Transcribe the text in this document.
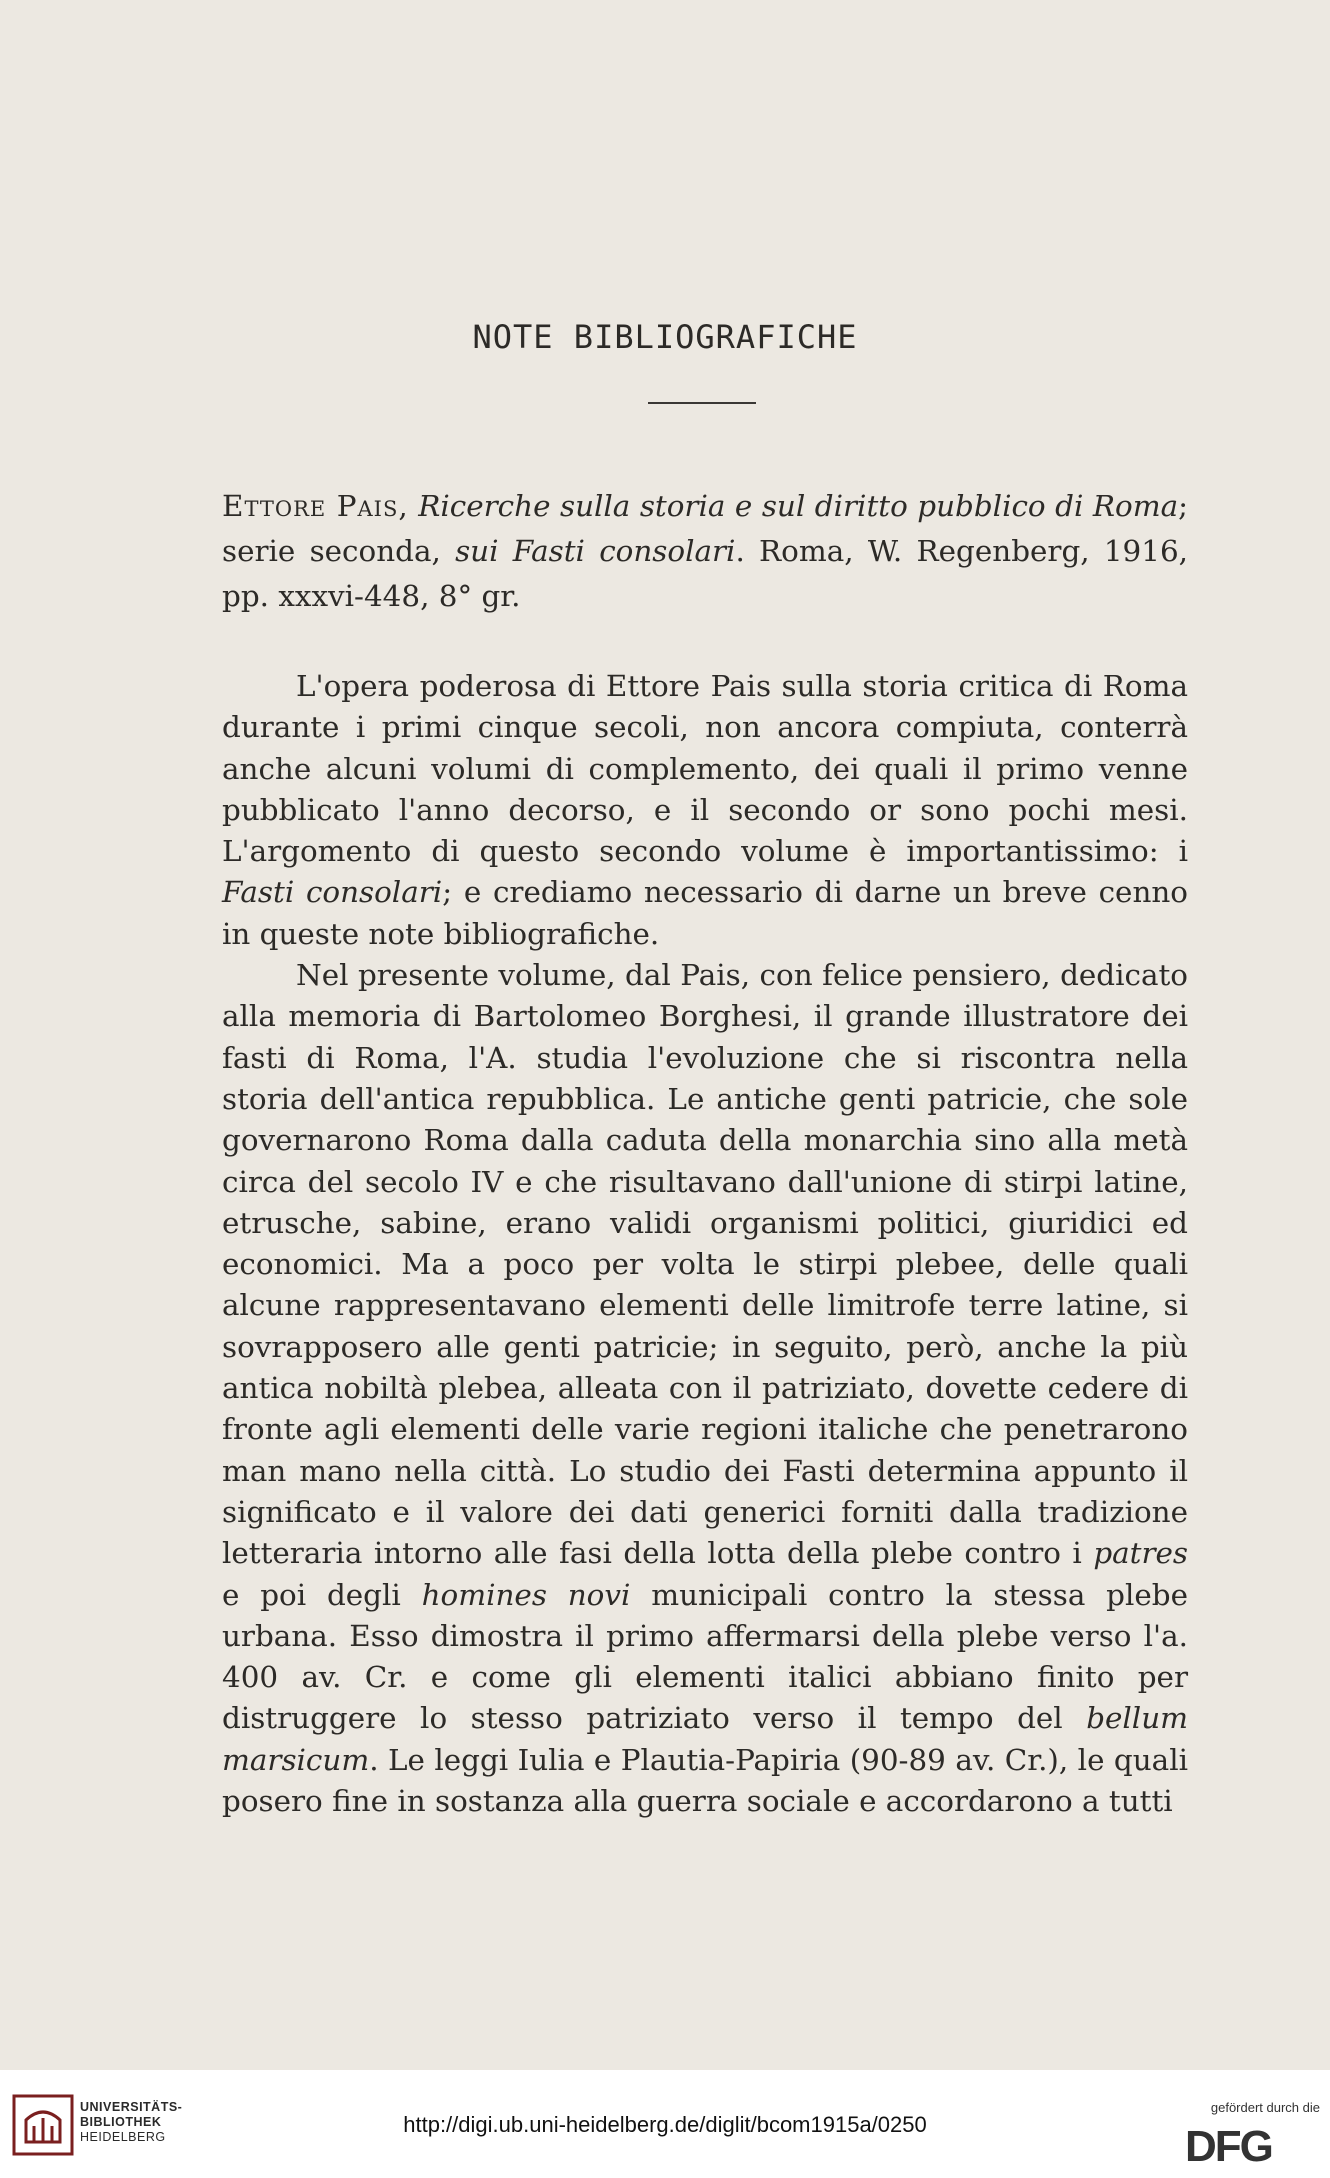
NOTE BIBLIOGRAFICHE
Ettore Pais, Ricerche sulla storia e sul diritto pubblico di Roma; serie seconda, sui Fasti consolari. Roma, W. Regenberg, 1916, pp. xxxvi-448, 8° gr.

L'opera poderosa di Ettore Pais sulla storia critica di Roma durante i primi cinque secoli, non ancora compiuta, conterrà anche alcuni volumi di complemento, dei quali il primo venne pubblicato l'anno decorso, e il secondo or sono pochi mesi. L'argomento di questo secondo volume è importantissimo: i Fasti consolari; e crediamo necessario di darne un breve cenno in queste note bibliografiche.

Nel presente volume, dal Pais, con felice pensiero, dedicato alla memoria di Bartolomeo Borghesi, il grande illustratore dei fasti di Roma, l'A. studia l'evoluzione che si riscontra nella storia dell'antica repubblica. Le antiche genti patricie, che sole governarono Roma dalla caduta della monarchia sino alla metà circa del secolo IV e che risultavano dall'unione di stirpi latine, etrusche, sabine, erano validi organismi politici, giuridici ed economici. Ma a poco per volta le stirpi plebee, delle quali alcune rappresentavano elementi delle limitrofe terre latine, si sovrapposero alle genti patricie; in seguito, però, anche la più antica nobiltà plebea, alleata con il patriziato, dovette cedere di fronte agli elementi delle varie regioni italiche che penetrarono man mano nella città. Lo studio dei Fasti determina appunto il significato e il valore dei dati generici forniti dalla tradizione letteraria intorno alle fasi della lotta della plebe contro i patres e poi degli homines novi municipali contro la stessa plebe urbana. Esso dimostra il primo affermarsi della plebe verso l'a. 400 av. Cr. e come gli elementi italici abbiano finito per distruggere lo stesso patriziato verso il tempo del bellum marsicum. Le leggi Iulia e Plautia-Papiria (90-89 av. Cr.), le quali posero fine in sostanza alla guerra sociale e accordarono a tutti

UNIVERSITÄTS-
BIBLIOTHEK
HEIDELBERG	http://digi.ub.uni-heidelberg.de/diglit/bcom1915a/0250
gefördert durch die
DFG
